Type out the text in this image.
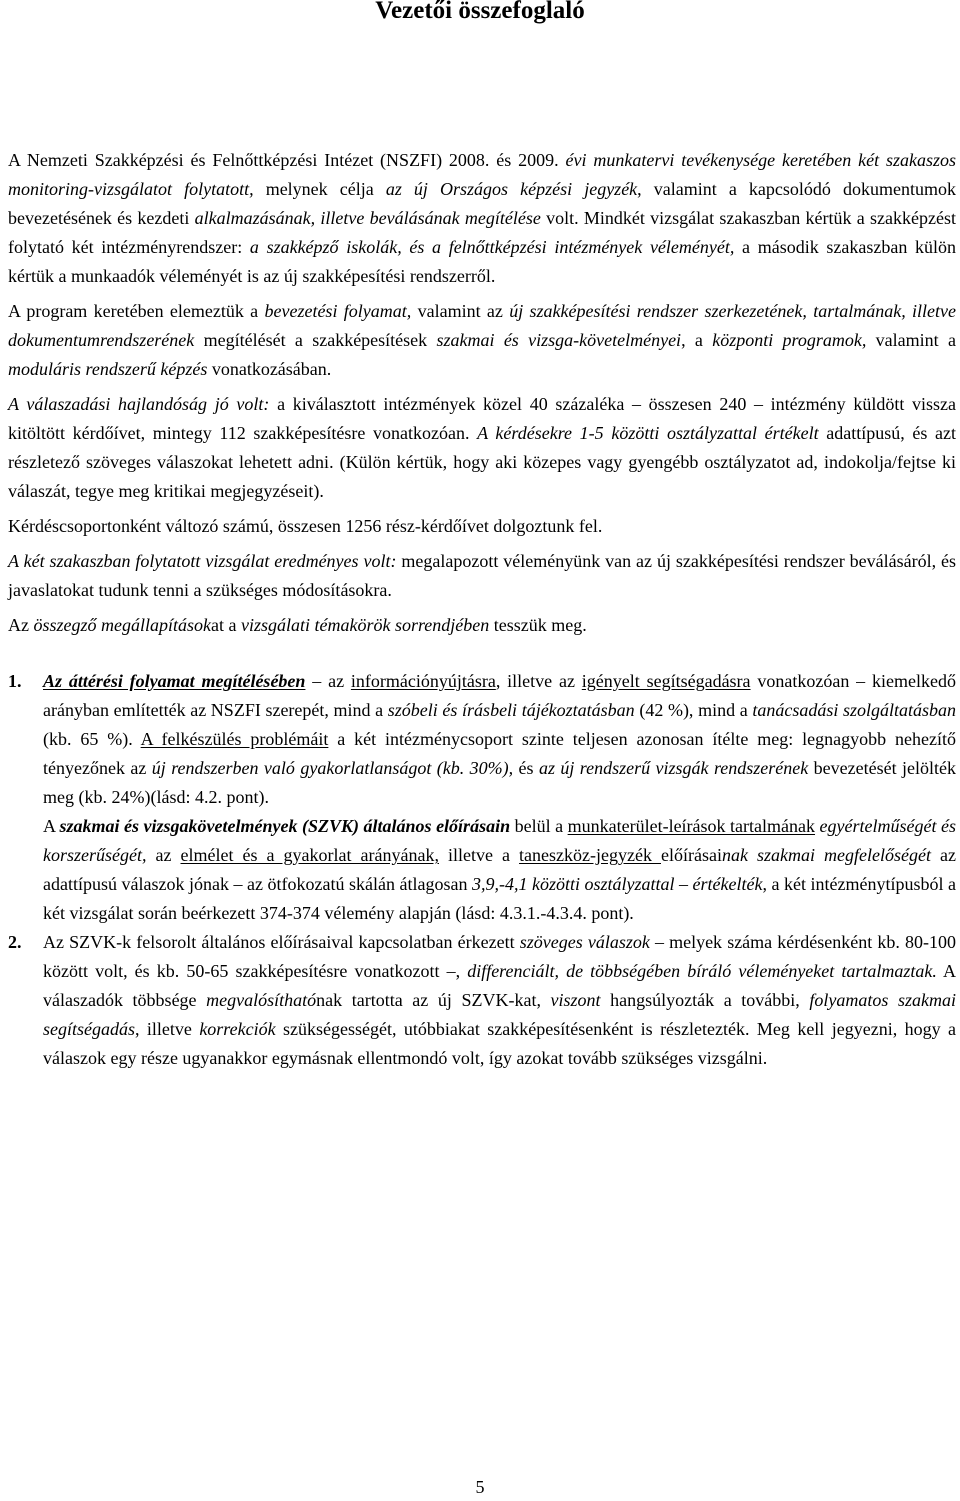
Vezetői összefoglaló

A Nemzeti Szakképzési és Felnőttképzési Intézet (NSZFI) 2008. és 2009. évi munkatervi tevékenysége keretében két szakaszos monitoring-vizsgálatot folytatott, melynek célja az új Országos képzési jegyzék, valamint a kapcsolódó dokumentumok bevezetésének és kezdeti alkalmazásának, illetve beválásának megítélése volt. Mindkét vizsgálat szakaszban kértük a szakképzést folytató két intézményrendszer: a szakképző iskolák, és a felnőttképzési intézmények véleményét, a második szakaszban külön kértük a munkaadók véleményét is az új szakképesítési rendszerről.

A program keretében elemeztük a bevezetési folyamat, valamint az új szakképesítési rendszer szerkezetének, tartalmának, illetve dokumentumrendszerének megítélését a szakképesítések szakmai és vizsga-követelményei, a központi programok, valamint a moduláris rendszerű képzés vonatkozásában.

A válaszadási hajlandóság jó volt: a kiválasztott intézmények közel 40 százaléka – összesen 240 – intézmény küldött vissza kitöltött kérdőívet, mintegy 112 szakképesítésre vonatkozóan. A kérdésekre 1-5 közötti osztályzattal értékelt adattípusú, és azt részletező szöveges válaszokat lehetett adni. (Külön kértük, hogy aki közepes vagy gyengébb osztályzatot ad, indokolja/fejtse ki válaszát, tegye meg kritikai megjegyzéseit).

Kérdéscsoportonként változó számú, összesen 1256 rész-kérdőívet dolgoztunk fel.

A két szakaszban folytatott vizsgálat eredményes volt: megalapozott véleményünk van az új szakképesítési rendszer beválásáról, és javaslatokat tudunk tenni a szükséges módosításokra.

Az összegző megállapításokat a vizsgálati témakörök sorrendjében tesszük meg.

1. Az áttérési folyamat megítélésében – az információnyújtásra, illetve az igényelt segítségadásra vonatkozóan – kiemelkedő arányban említették az NSZFI szerepét, mind a szóbeli és írásbeli tájékoztatásban (42 %), mind a tanácsadási szolgáltatásban (kb. 65 %). A felkészülés problémáit a két intézménycsoport szinte teljesen azonosan ítélte meg: legnagyobb nehezítő tényezőnek az új rendszerben való gyakorlatlanságot (kb. 30%), és az új rendszerű vizsgák rendszerének bevezetését jelölték meg (kb. 24%)(lásd: 4.2. pont).

A szakmai és vizsgakövetelmények (SZVK) általános előírásain belül a munkaterület-leírások tartalmának egyértelműségét és korszerűségét, az elmélet és a gyakorlat arányának, illetve a taneszköz-jegyzék előírásainak szakmai megfelelőségét az adattípusú válaszok jónak – az ötfokozatú skálán átlagosan 3,9,-4,1 közötti osztályzattal – értékelték, a két intézménytípusból a két vizsgálat során beérkezett 374-374 vélemény alapján (lásd: 4.3.1.-4.3.4. pont).

2. Az SZVK-k felsorolt általános előírásaival kapcsolatban érkezett szöveges válaszok – melyek száma kérdésenként kb. 80-100 között volt, és kb. 50-65 szakképesítésre vonatkozott –, differenciált, de többségében bíráló véleményeket tartalmaztak. A válaszadók többsége megvalósíthatónak tartotta az új SZVK-kat, viszont hangsúlyozták a további, folyamatos szakmai segítségadás, illetve korrekciók szükségességét, utóbbiakat szakképesítésenként is részletezték. Meg kell jegyezni, hogy a válaszok egy része ugyanakkor egymásnak ellentmondó volt, így azokat tovább szükséges vizsgálni.

5
